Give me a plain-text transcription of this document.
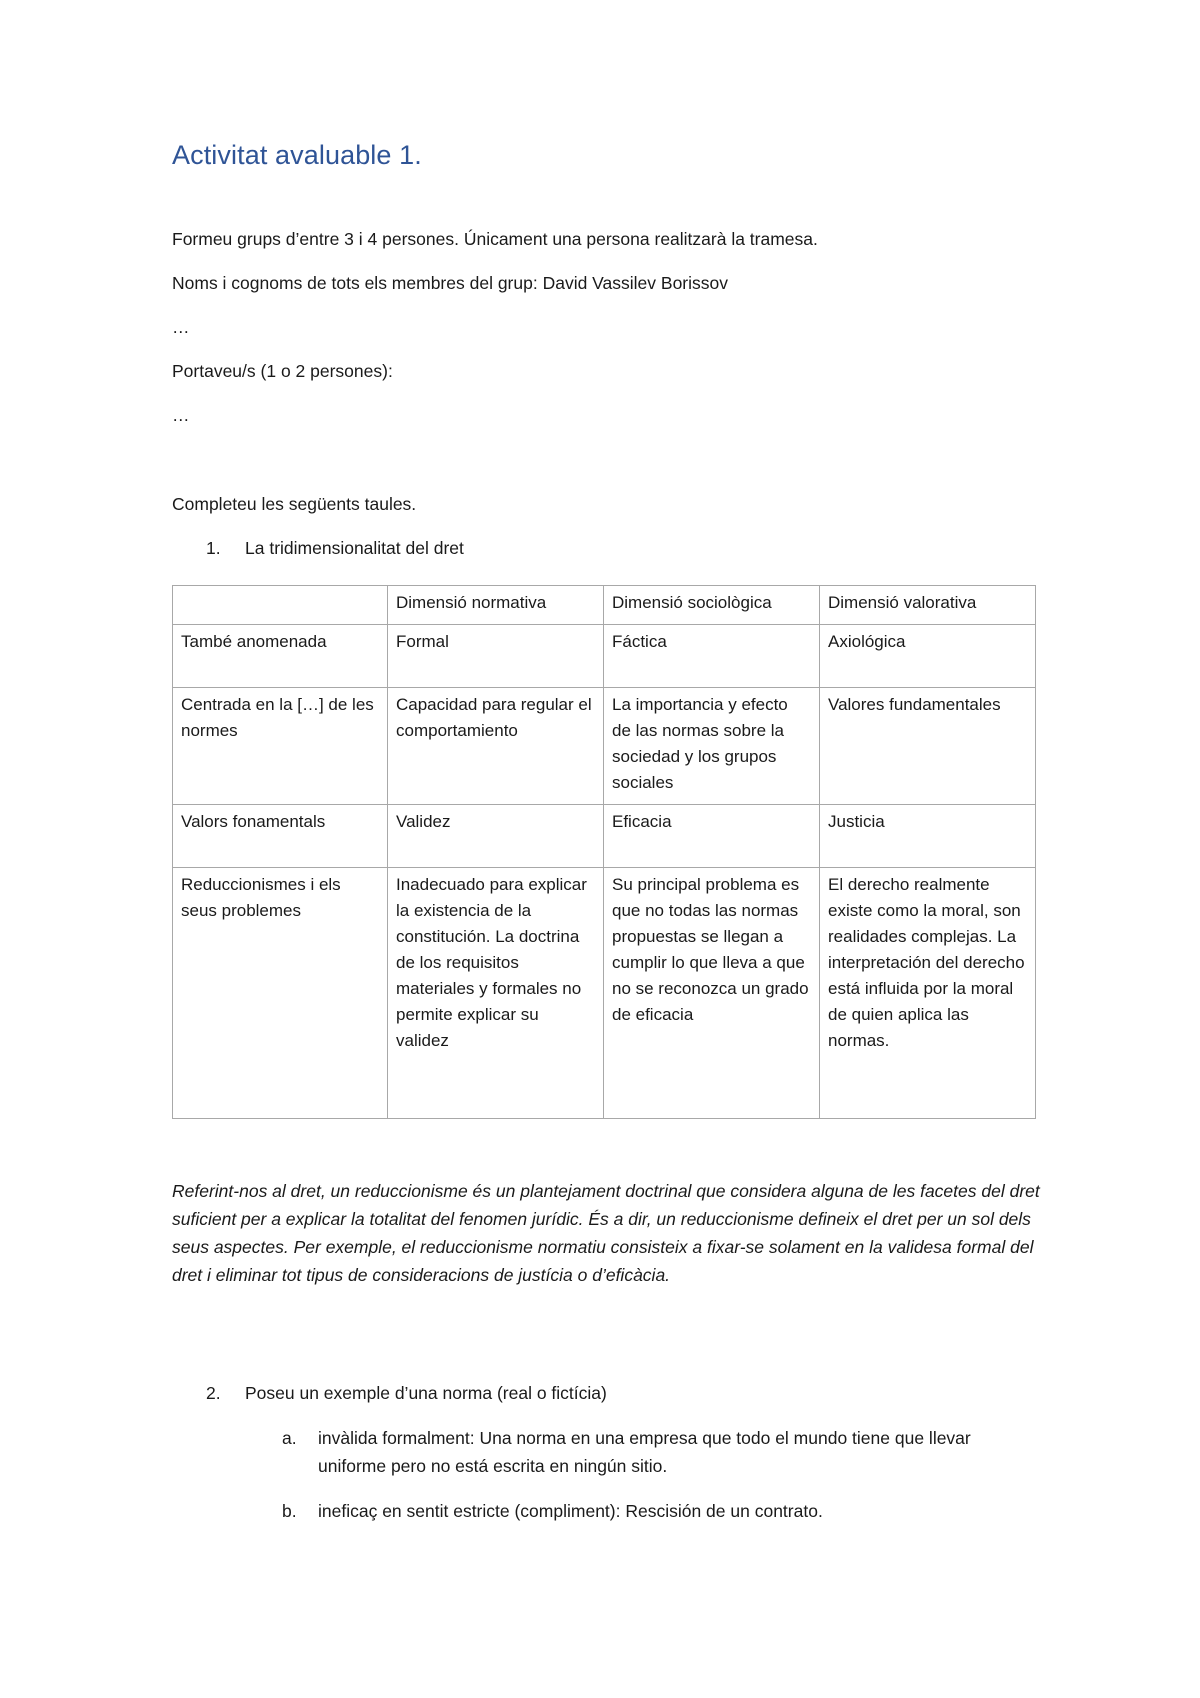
Activitat avaluable 1.

Formeu grups d’entre 3 i 4 persones. Únicament una persona realitzarà la tramesa.

Noms i cognoms de tots els membres del grup: David Vassilev Borissov

…

Portaveu/s (1 o 2 persones):

…

Completeu les següents taules.

1. La tridimensionalitat del dret
	Dimensió normativa	Dimensió sociològica	Dimensió valorativa
També anomenada	Formal	Fáctica	Axiológica
Centrada en la […] de les normes	Capacidad para regular el comportamiento	La importancia y efecto de las normas sobre la sociedad y los grupos sociales	Valores fundamentales
Valors fonamentals	Validez	Eficacia	Justicia
Reduccionismes i els seus problemes	Inadecuado para explicar la existencia de la constitución. La doctrina de los requisitos materiales y formales no permite explicar su validez	Su principal problema es que no todas las normas propuestas se llegan a cumplir lo que lleva a que no se reconozca un grado de eficacia	El derecho realmente existe como la moral, son realidades complejas. La interpretación del derecho está influida por la moral de quien aplica las normas.

Referint-nos al dret, un reduccionisme és un plantejament doctrinal que considera alguna de les facetes del dret suficient per a explicar la totalitat del fenomen jurídic. És a dir, un reduccionisme defineix el dret per un sol dels seus aspectes. Per exemple, el reduccionisme normatiu consisteix a fixar-se solament en la validesa formal del dret i eliminar tot tipus de consideracions de justícia o d’eficàcia.

2. Poseu un exemple d’una norma (real o fictícia)
a. invàlida formalment: Una norma en una empresa que todo el mundo tiene que llevar uniforme pero no está escrita en ningún sitio.
b. ineficaç en sentit estricte (compliment): Rescisión de un contrato.
